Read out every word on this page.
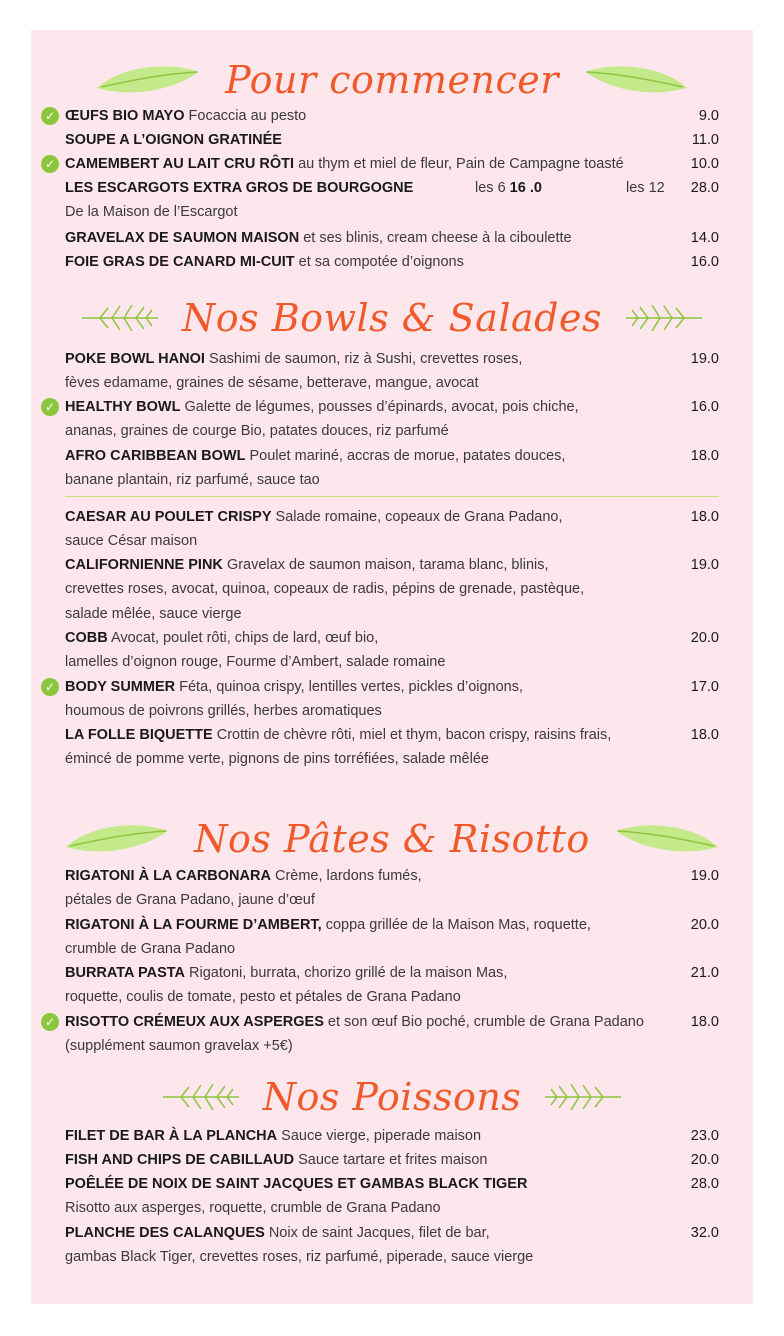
Pour commencer
✓ ŒUFS BIO MAYO Focaccia au pesto	9.0
SOUPE A L’OIGNON GRATINÉE	11.0
✓ CAMEMBERT AU LAIT CRU RÔTI au thym et miel de fleur, Pain de Campagne toasté	10.0
LES ESCARGOTS EXTRA GROS DE BOURGOGNE	les 6 16 .0	les 12	28.0
De la Maison de l’Escargot
GRAVELAX DE SAUMON MAISON et ses blinis, cream cheese à la ciboulette	14.0
FOIE GRAS DE CANARD MI-CUIT et sa compotée d’oignons	16.0
Nos Bowls & Salades
POKE BOWL HANOI Sashimi de saumon, riz à Sushi, crevettes roses,	19.0
fèves edamame, graines de sésame, betterave, mangue, avocat
✓ HEALTHY BOWL Galette de légumes, pousses d’épinards, avocat, pois chiche,	16.0
ananas, graines de courge Bio, patates douces, riz parfumé
AFRO CARIBBEAN BOWL Poulet mariné, accras de morue, patates douces,	18.0
banane plantain, riz parfumé, sauce tao
CAESAR AU POULET CRISPY Salade romaine, copeaux de Grana Padano,	18.0
sauce César maison
CALIFORNIENNE PINK Gravelax de saumon maison, tarama blanc, blinis,	19.0
crevettes roses, avocat, quinoa, copeaux de radis, pépins de grenade, pastèque,
salade mêlée, sauce vierge
COBB Avocat, poulet rôti, chips de lard, œuf bio,	20.0
lamelles d’oignon rouge, Fourme d’Ambert, salade romaine
✓ BODY SUMMER Féta, quinoa crispy, lentilles vertes, pickles d’oignons,	17.0
houmous de poivrons grillés, herbes aromatiques
LA FOLLE BIQUETTE Crottin de chèvre rôti, miel et thym, bacon crispy, raisins frais,	18.0
émincé de pomme verte, pignons de pins torréfiées, salade mêlée
Nos Pâtes & Risotto
RIGATONI À LA CARBONARA Crème, lardons fumés,	19.0
pétales de Grana Padano, jaune d’œuf
RIGATONI À LA FOURME D’AMBERT, coppa grillée de la Maison Mas, roquette,	20.0
crumble de Grana Padano
BURRATA PASTA Rigatoni, burrata, chorizo grillé de la maison Mas,	21.0
roquette, coulis de tomate, pesto et pétales de Grana Padano
✓ RISOTTO CRÉMEUX AUX ASPERGES et son œuf Bio poché, crumble de Grana Padano	18.0
(supplément saumon gravelax +5€)
Nos Poissons
FILET DE BAR À LA PLANCHA Sauce vierge, piperade maison	23.0
FISH AND CHIPS DE CABILLAUD Sauce tartare et frites maison	20.0
POÊLÉE DE NOIX DE SAINT JACQUES ET GAMBAS BLACK TIGER	28.0
Risotto aux asperges, roquette, crumble de Grana Padano
PLANCHE DES CALANQUES Noix de saint Jacques, filet de bar,	32.0
gambas Black Tiger, crevettes roses, riz parfumé, piperade, sauce vierge
